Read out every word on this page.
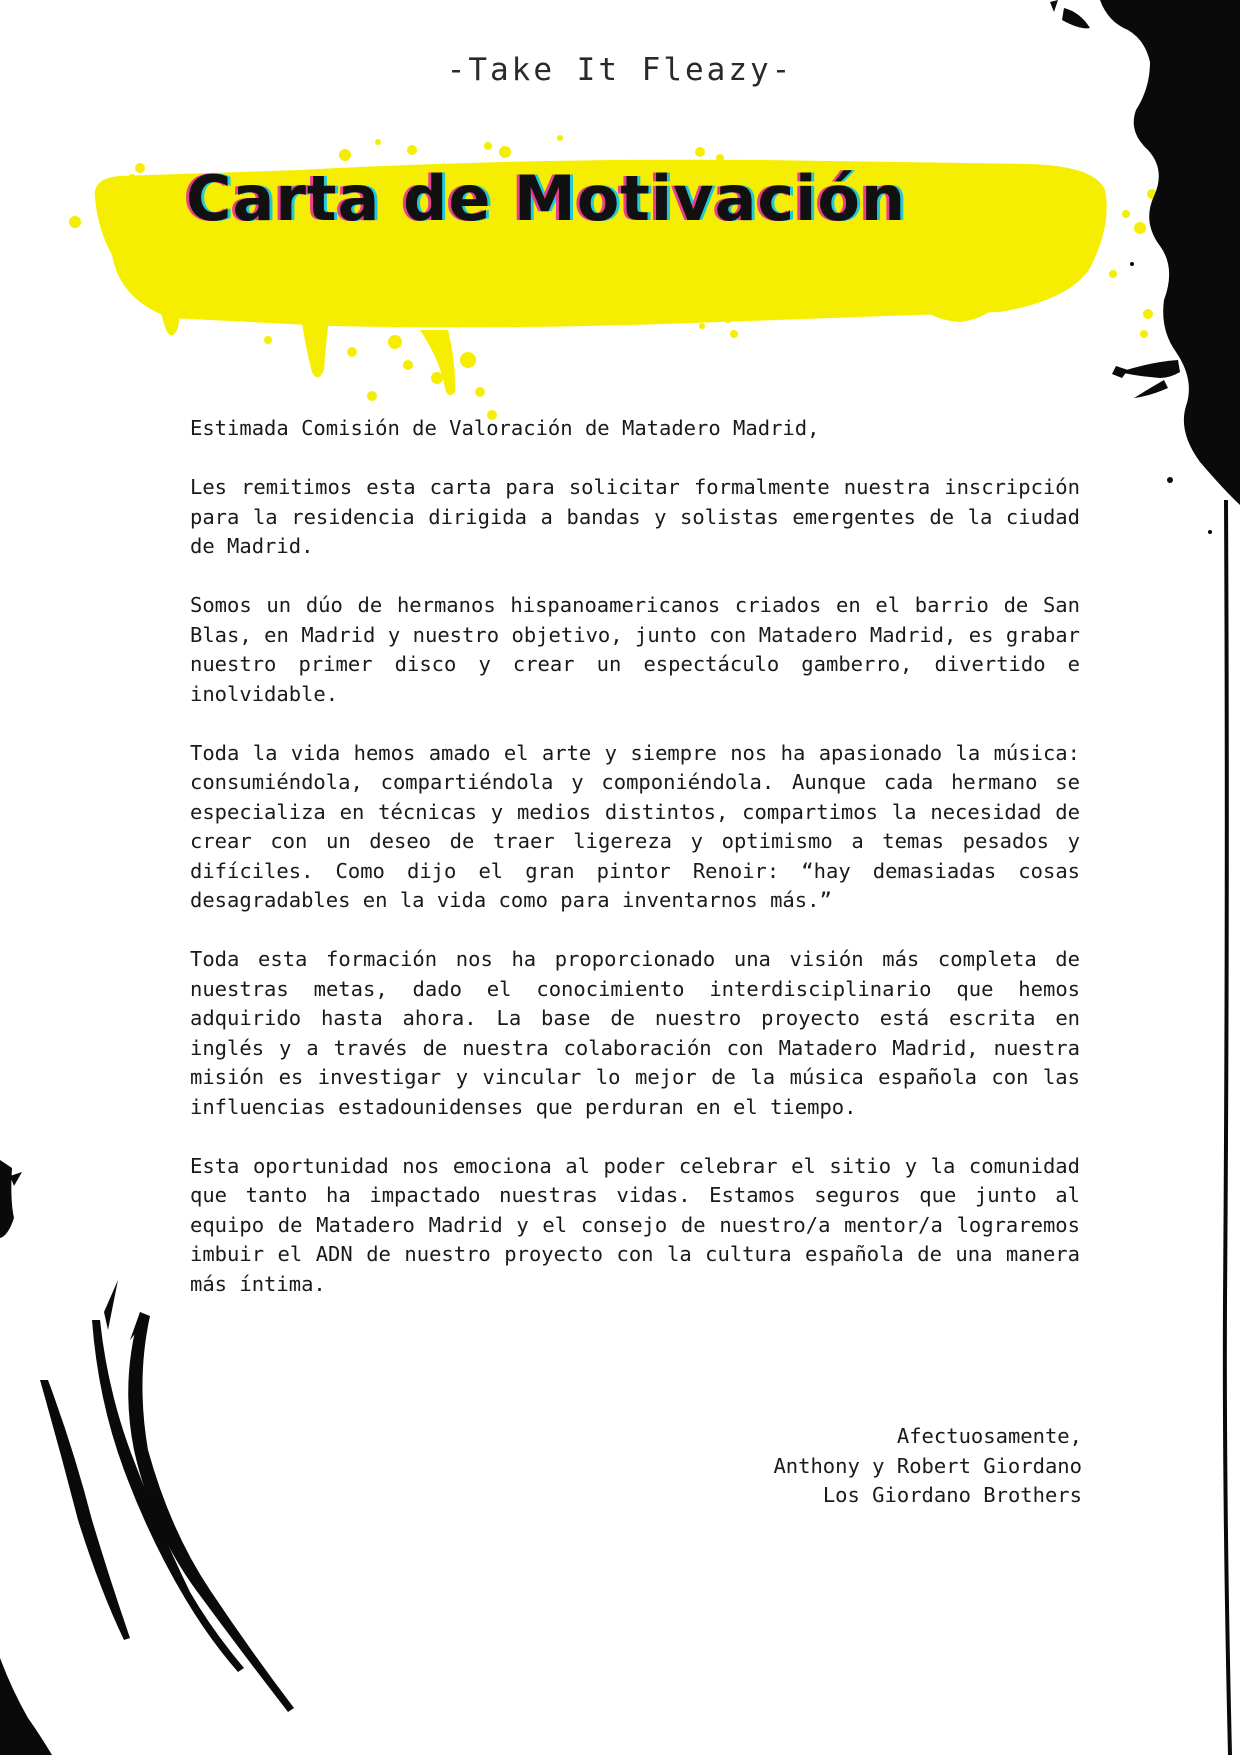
-Take It Fleazy-
Carta de Motivación

Estimada Comisión de Valoración de Matadero Madrid,

Les remitimos esta carta para solicitar formalmente nuestra inscripción para la residencia dirigida a bandas y solistas emergentes de la ciudad de Madrid.

Somos un dúo de hermanos hispanoamericanos criados en el barrio de San Blas, en Madrid y nuestro objetivo, junto con Matadero Madrid, es grabar nuestro primer disco y crear un espectáculo gamberro, divertido e inolvidable.

Toda la vida hemos amado el arte y siempre nos ha apasionado la música: consumiéndola, compartiéndola y componiéndola. Aunque cada hermano se especializa en técnicas y medios distintos, compartimos la necesidad de crear con un deseo de traer ligereza y optimismo a temas pesados y difíciles. Como dijo el gran pintor Renoir: “hay demasiadas cosas desagradables en la vida como para inventarnos más.”

Toda esta formación nos ha proporcionado una visión más completa de nuestras metas, dado el conocimiento interdisciplinario que hemos adquirido hasta ahora. La base de nuestro proyecto está escrita en inglés y a través de nuestra colaboración con Matadero Madrid, nuestra misión es investigar y vincular lo mejor de la música española con las influencias estadounidenses que perduran en el tiempo.

Esta oportunidad nos emociona al poder celebrar el sitio y la comunidad que tanto ha impactado nuestras vidas. Estamos seguros que junto al equipo de Matadero Madrid y el consejo de nuestro/a mentor/a lograremos imbuir el ADN de nuestro proyecto con la cultura española de una manera más íntima.

Afectuosamente,
Anthony y Robert Giordano
Los Giordano Brothers
